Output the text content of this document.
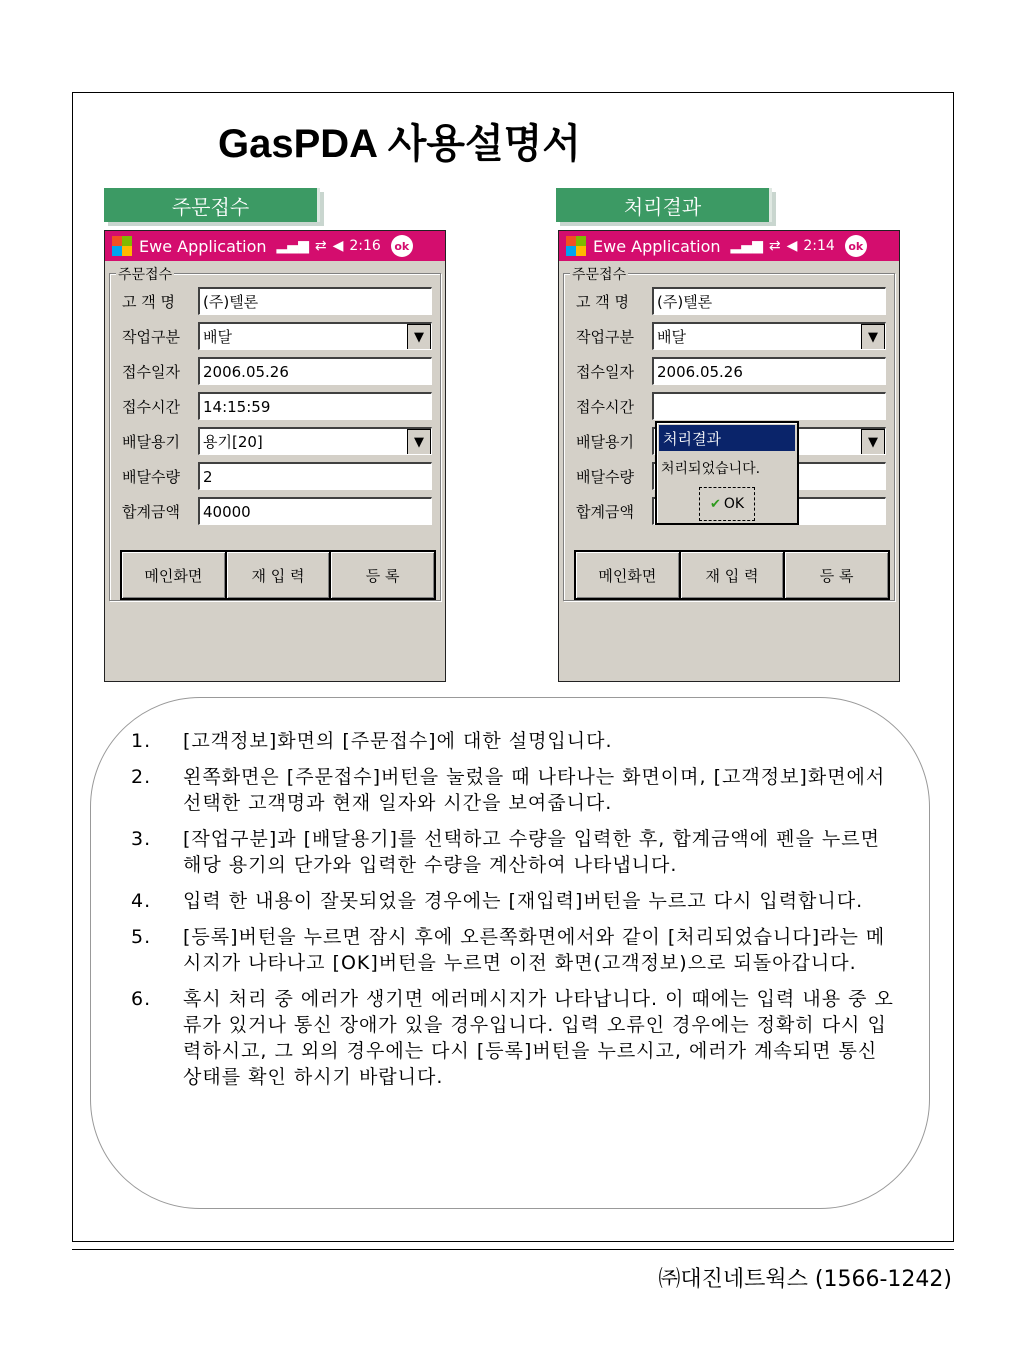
GasPDA 사용설명서
주문접수
Ewe Application ▂▄▆ ⇄ ◀ 2:16	ok
주문접수
고 객 명	(주)텔론
작업구분	배달	▼
접수일자	2006.05.26
접수시간	14:15:59
배달용기	용기[20]	▼
배달수량	2
합계금액	40000
메인화면	재 입 력	등 록
처리결과
Ewe Application ▂▄▆ ⇄ ◀ 2:14	ok
주문접수
고 객 명	(주)텔론
작업구분	배달	▼
접수일자	2006.05.26
접수시간
배달용기	▼
배달수량
합계금액
메인화면	재 입 력	등 록
처리결과
처리되었습니다.
✔ OK
1.	[고객정보]화면의 [주문접수]에 대한 설명입니다.
2.	왼쪽화면은 [주문접수]버턴을 눌렀을 때 나타나는 화면이며, [고객정보]화면에서 선택한 고객명과 현재 일자와 시간을 보여줍니다.
3.	[작업구분]과 [배달용기]를 선택하고 수량을 입력한 후, 합계금액에 펜을 누르면 해당 용기의 단가와 입력한 수량을 계산하여 나타냅니다.
4.	입력 한 내용이 잘못되었을 경우에는 [재입력]버턴을 누르고 다시 입력합니다.
5.	[등록]버턴을 누르면 잠시 후에 오른쪽화면에서와 같이 [처리되었습니다]라는 메시지가 나타나고 [OK]버턴을 누르면 이전 화면(고객정보)으로 되돌아갑니다.
6.	혹시 처리 중 에러가 생기면 에러메시지가 나타납니다. 이 때에는 입력 내용 중 오류가 있거나 통신 장애가 있을 경우입니다. 입력 오류인 경우에는 정확히 다시 입력하시고, 그 외의 경우에는 다시 [등록]버턴을 누르시고, 에러가 계속되면 통신 상태를 확인 하시기 바랍니다.
㈜대진네트웍스 (1566-1242)
